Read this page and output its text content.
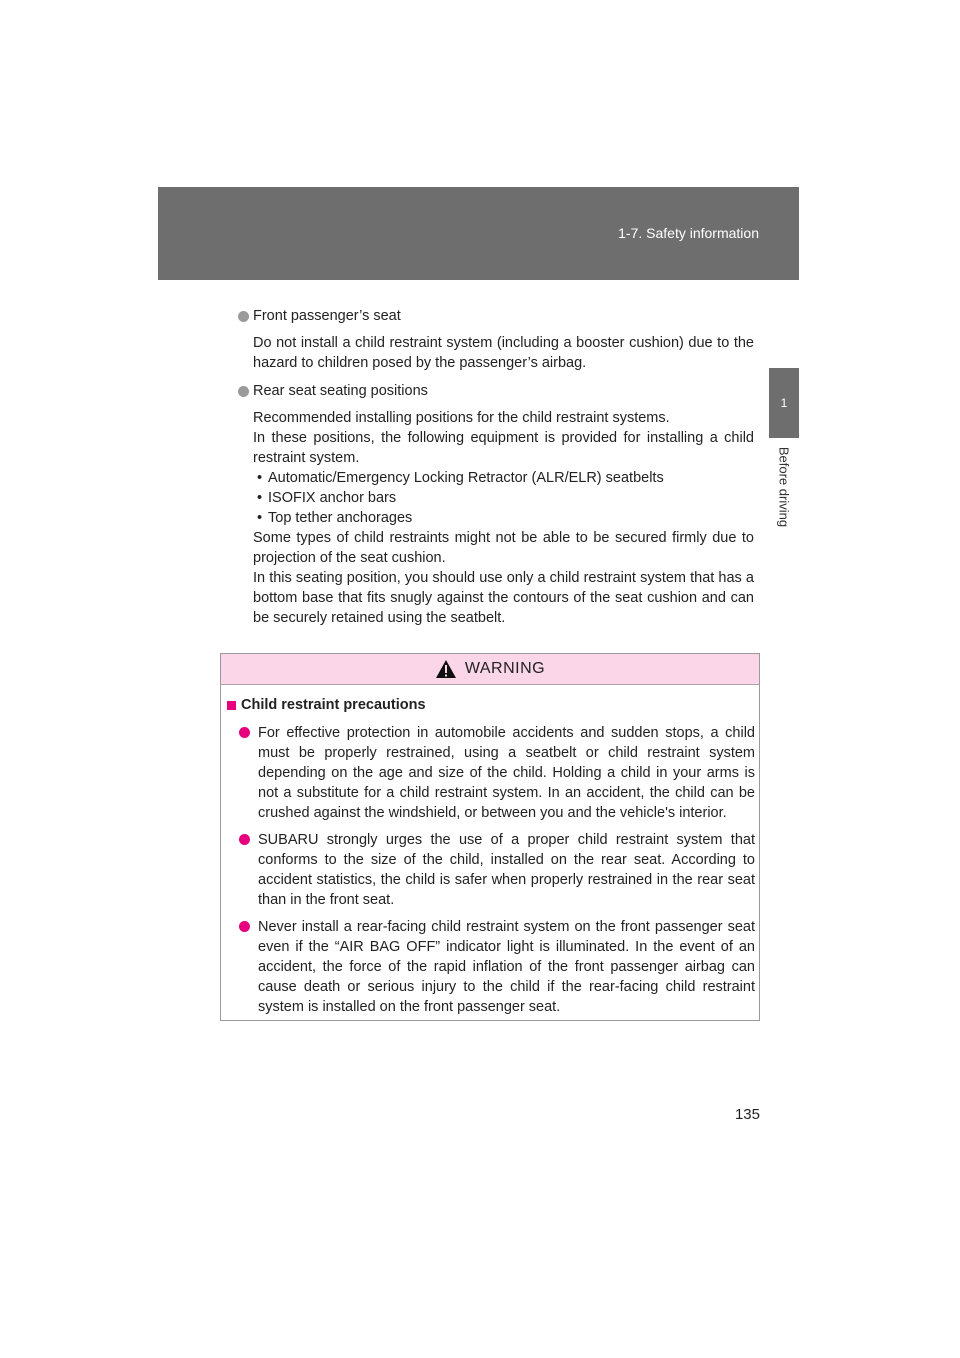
1-7. Safety information
1
Before driving
Front passenger’s seat

Do not install a child restraint system (including a booster cushion) due to the hazard to children posed by the passenger’s airbag.

Rear seat seating positions

Recommended installing positions for the child restraint systems.

In these positions, the following equipment is provided for installing a child restraint system.

• Automatic/Emergency Locking Retractor (ALR/ELR) seatbelts
• ISOFIX anchor bars
• Top tether anchorages

Some types of child restraints might not be able to be secured firmly due to projection of the seat cushion.

In this seating position, you should use only a child restraint system that has a bottom base that fits snugly against the contours of the seat cushion and can be securely retained using the seatbelt.

WARNING
Child restraint precautions
For effective protection in automobile accidents and sudden stops, a child must be properly restrained, using a seatbelt or child restraint system depending on the age and size of the child. Holding a child in your arms is not a substitute for a child restraint system. In an accident, the child can be crushed against the windshield, or between you and the vehicle's interior.
SUBARU strongly urges the use of a proper child restraint system that conforms to the size of the child, installed on the rear seat. According to accident statistics, the child is safer when properly restrained in the rear seat than in the front seat.
Never install a rear-facing child restraint system on the front passenger seat even if the “AIR BAG OFF” indicator light is illuminated. In the event of an accident, the force of the rapid inflation of the front passenger airbag can cause death or serious injury to the child if the rear-facing child restraint system is installed on the front passenger seat.
135
